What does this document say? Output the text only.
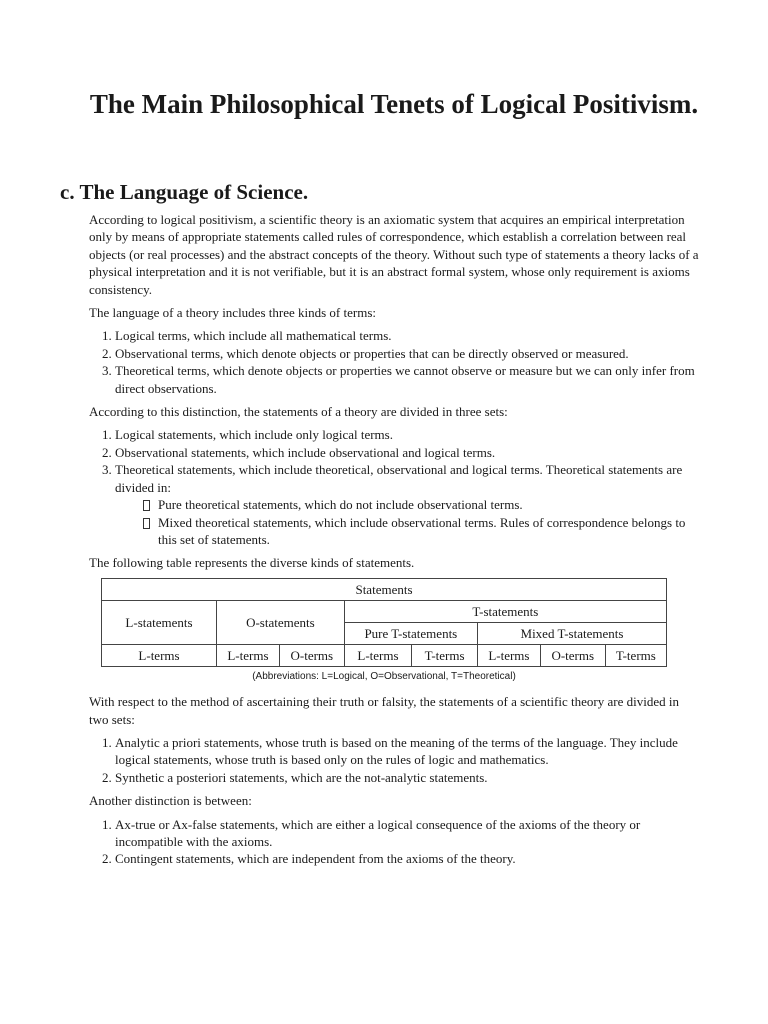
The Main Philosophical Tenets of Logical Positivism.
c. The Language of Science.

According to logical positivism, a scientific theory is an axiomatic system that acquires an empirical interpretation only by means of appropriate statements called rules of correspondence, which establish a correlation between real objects (or real processes) and the abstract concepts of the theory. Without such type of statements a theory lacks of a physical interpretation and it is not verifiable, but it is an abstract formal system, whose only requirement is axioms consistency.

The language of a theory includes three kinds of terms:

1. Logical terms, which include all mathematical terms.
2. Observational terms, which denote objects or properties that can be directly observed or measured.
3. Theoretical terms, which denote objects or properties we cannot observe or measure but we can only infer from direct observations.

According to this distinction, the statements of a theory are divided in three sets:

1. Logical statements, which include only logical terms.
2. Observational statements, which include observational and logical terms.
3. Theoretical statements, which include theoretical, observational and logical terms. Theoretical statements are divided in:
Pure theoretical statements, which do not include observational terms.
Mixed theoretical statements, which include observational terms. Rules of correspondence belongs to this set of statements.

The following table represents the diverse kinds of statements.

Statements							
L-statements	O-statements		T-statements				
			Pure T-statements		Mixed T-statements		
L-terms	L-terms	O-terms	L-terms	T-terms	L-terms	O-terms	T-terms
(Abbreviations: L=Logical, O=Observational, T=Theoretical)

With respect to the method of ascertaining their truth or falsity, the statements of a scientific theory are divided in two sets:

1. Analytic a priori statements, whose truth is based on the meaning of the terms of the language. They include logical statements, whose truth is based only on the rules of logic and mathematics.
2. Synthetic a posteriori statements, which are the not-analytic statements.

Another distinction is between:

1. Ax-true or Ax-false statements, which are either a logical consequence of the axioms of the theory or incompatible with the axioms.
2. Contingent statements, which are independent from the axioms of the theory.
